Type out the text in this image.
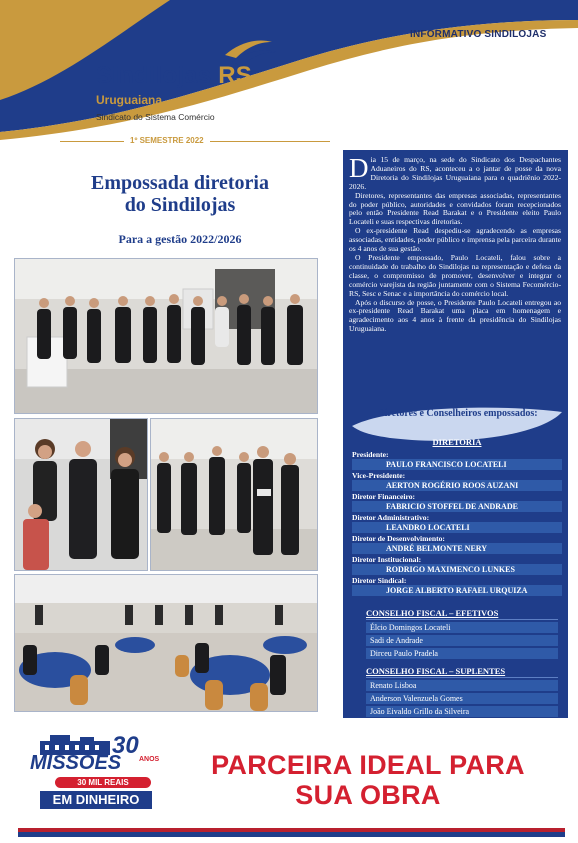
INFORMATIVO SINDILOJAS
Sindilojas RS
Uruguaiana
Sindicato do Sistema Comércio
1º SEMESTRE 2022
Empossada diretoria
do Sindilojas
Para a gestão 2022/2026

Dia 15 de março, na sede do Sindicato dos Despachantes Aduaneiros do RS, aconteceu a o jantar de posse da nova Diretoria do Sindilojas Uruguaiana para o quadriênio 2022-2026.

Diretores, representantes das empresas associadas, representantes do poder público, autoridades e convidados foram recepcionados pelo então Presidente Read Barakat e o Presidente eleito Paulo Locateli e suas respectivas diretorias.

O ex-presidente Read despediu-se agradecendo as empresas associadas, entidades, poder público e imprensa pela parceira durante os 4 anos de sua gestão.

O Presidente empossado, Paulo Locateli, falou sobre a continuidade do trabalho do Sindilojas na representação e defesa da classe, o compromisso de promover, desenvolver e integrar o comércio varejista da região juntamente com o Sistema Fecomércio-RS, Sesc e Senac e a importância do comércio local.

Após o discurso de posse, o Presidente Paulo Locateli entregou ao ex-presidente Read Barakat uma placa em homenagem e agradecimento aos 4 anos à frente da presidência do Sindilojas Uruguaiana.

Diretores e Conselheiros empossados:
DIRETORIA
Presidente:
PAULO FRANCISCO LOCATELI
Vice-Presidente:
AERTON ROGÉRIO ROOS AUZANI
Diretor Financeiro:
FABRICIO STOFFEL DE ANDRADE
Diretor Administrativo:
LEANDRO LOCATELI
Diretor de Desenvolvimento:
ANDRÉ BELMONTE NERY
Diretor Institucional:
RODRIGO MAXIMENCO LUNKES
Diretor Sindical:
JORGE ALBERTO RAFAEL URQUIZA
CONSELHO FISCAL – EFETIVOS
Élcio Domingos Locateli
Sadi de Andrade
Dirceu Paulo Pradela
CONSELHO FISCAL – SUPLENTES
Renato Lisboa
Anderson Valenzuela Gomes
João Eivaldo Grillo da Silveira
MISSÕES
30
ANOS
30 MIL REAIS
EM DINHEIRO
PARCEIRA IDEAL PARA
SUA OBRA
